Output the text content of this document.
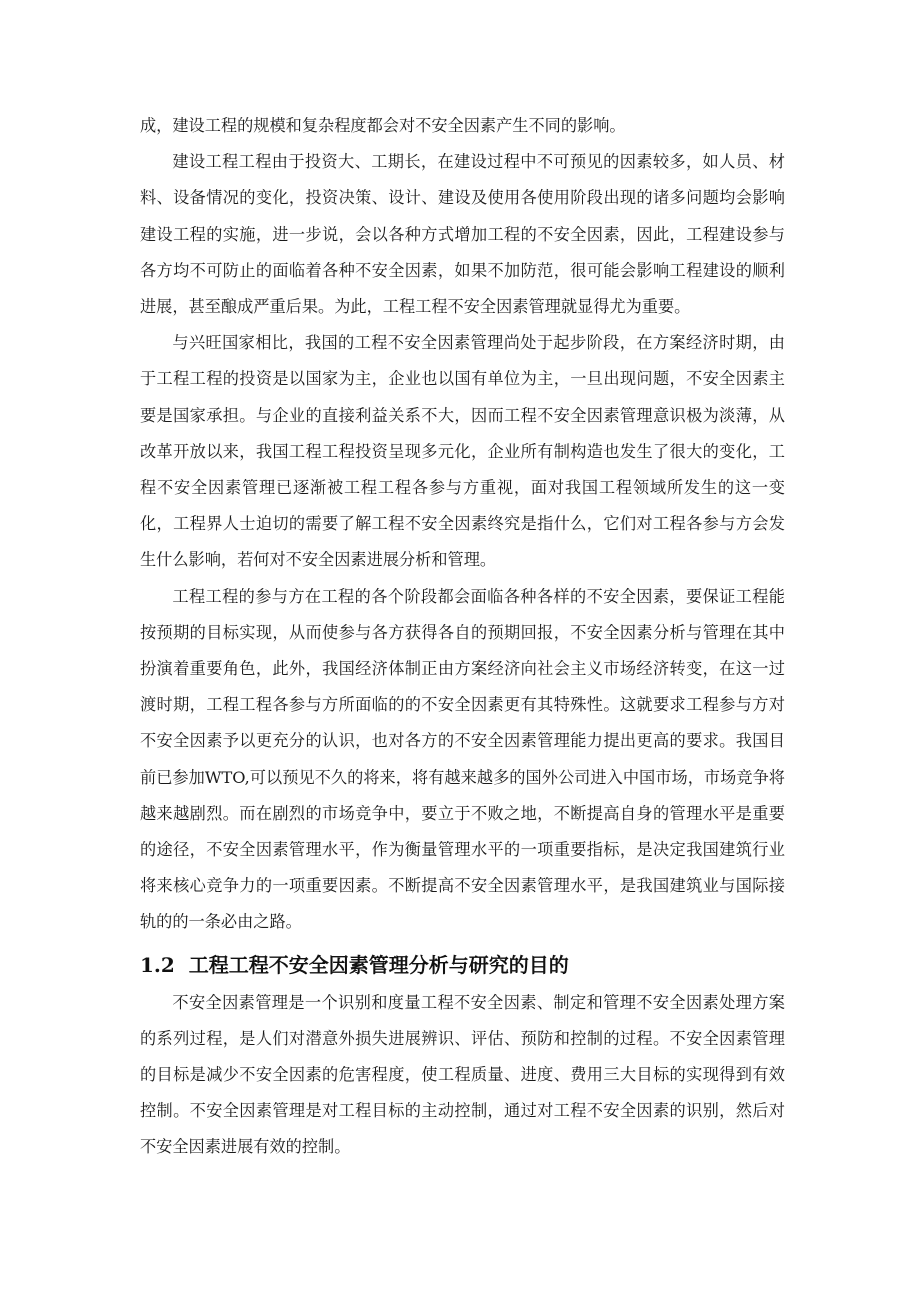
成，建设工程的规模和复杂程度都会对不安全因素产生不同的影响。

建设工程工程由于投资大、工期长，在建设过程中不可预见的因素较多，如人员、材料、设备情况的变化，投资决策、设计、建设及使用各使用阶段出现的诸多问题均会影响建设工程的实施，进一步说，会以各种方式增加工程的不安全因素，因此，工程建设参与各方均不可防止的面临着各种不安全因素，如果不加防范，很可能会影响工程建设的顺利进展，甚至酿成严重后果。为此，工程工程不安全因素管理就显得尤为重要。

与兴旺国家相比，我国的工程不安全因素管理尚处于起步阶段，在方案经济时期，由于工程工程的投资是以国家为主，企业也以国有单位为主，一旦出现问题，不安全因素主要是国家承担。与企业的直接利益关系不大，因而工程不安全因素管理意识极为淡薄，从改革开放以来，我国工程工程投资呈现多元化，企业所有制构造也发生了很大的变化，工程不安全因素管理已逐渐被工程工程各参与方重视，面对我国工程领域所发生的这一变化，工程界人士迫切的需要了解工程不安全因素终究是指什么，它们对工程各参与方会发生什么影响，若何对不安全因素进展分析和管理。

工程工程的参与方在工程的各个阶段都会面临各种各样的不安全因素，要保证工程能按预期的目标实现，从而使参与各方获得各自的预期回报，不安全因素分析与管理在其中扮演着重要角色，此外，我国经济体制正由方案经济向社会主义市场经济转变，在这一过渡时期，工程工程各参与方所面临的的不安全因素更有其特殊性。这就要求工程参与方对不安全因素予以更充分的认识，也对各方的不安全因素管理能力提出更高的要求。我国目前已参加WTO,可以预见不久的将来，将有越来越多的国外公司进入中国市场，市场竞争将越来越剧烈。而在剧烈的市场竞争中，要立于不败之地，不断提高自身的管理水平是重要的途径，不安全因素管理水平，作为衡量管理水平的一项重要指标，是决定我国建筑行业将来核心竞争力的一项重要因素。不断提高不安全因素管理水平，是我国建筑业与国际接轨的的一条必由之路。

1.2 工程工程不安全因素管理分析与研究的目的

不安全因素管理是一个识别和度量工程不安全因素、制定和管理不安全因素处理方案的系列过程，是人们对潜意外损失进展辨识、评估、预防和控制的过程。不安全因素管理的目标是减少不安全因素的危害程度，使工程质量、进度、费用三大目标的实现得到有效控制。不安全因素管理是对工程目标的主动控制，通过对工程不安全因素的识别，然后对不安全因素进展有效的控制。
